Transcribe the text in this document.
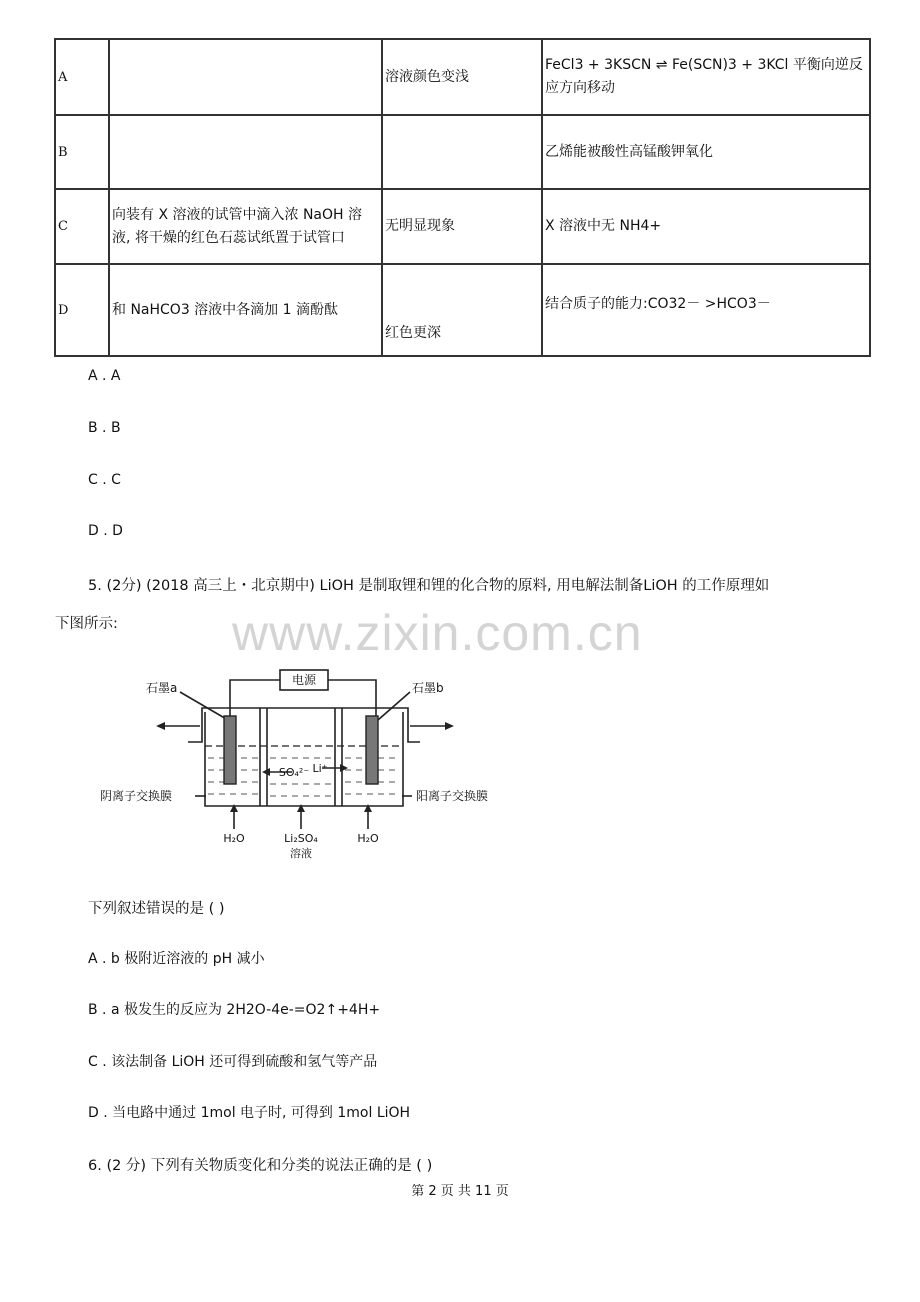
A		溶液颜色变浅	FeCl3 + 3KSCN ⇌ Fe(SCN)3 + 3KCl 平衡向逆反应方向移动
B			乙烯能被酸性高锰酸钾氧化
C	向装有 X 溶液的试管中滴入浓 NaOH 溶液, 将干燥的红色石蕊试纸置于试管口	无明显现象	X 溶液中无 NH4+
D	和 NaHCO3 溶液中各滴加 1 滴酚酞	红色更深	结合质子的能力:CO32－ >HCO3－
A . A
B . B
C . C
D . D
5. (2分) (2018 高三上・北京期中) LiOH 是制取锂和锂的化合物的原料, 用电解法制备LiOH 的工作原理如
下图所示: www.zixin.com.cn
电源
石墨a	石墨b
阴离子交换膜	阳离子交换膜
SO₄²⁻ Li⁺
H₂O	Li₂SO₄
溶液
H₂O
下列叙述错误的是 ( )
A . b 极附近溶液的 pH 减小
B . a 极发生的反应为 2H2O-4e-=O2↑+4H+
C . 该法制备 LiOH 还可得到硫酸和氢气等产品
D . 当电路中通过 1mol 电子时, 可得到 1mol LiOH
6. (2 分) 下列有关物质变化和分类的说法正确的是 ( )
第 2 页 共 11 页
